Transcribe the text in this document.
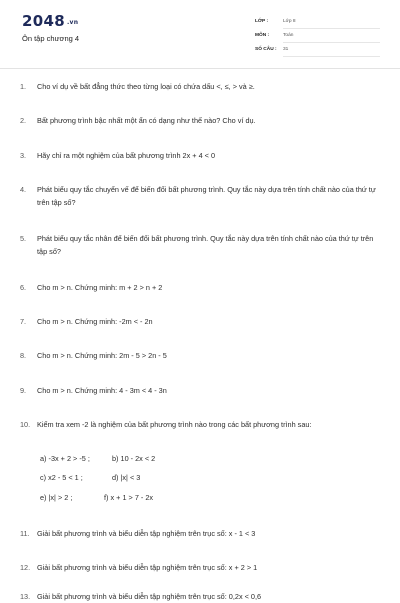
2048 .vn
Ôn tập chương 4
LỚP :	Lớp 8
MÔN :	Toán
SỐ CÂU : 31
1. Cho ví dụ về bất đẳng thức theo từng loại có chứa dấu <, ≤, > và ≥.
2. Bất phương trình bậc nhất một ẩn có dạng như thế nào? Cho ví dụ.
3. Hãy chỉ ra một nghiệm của bất phương trình 2x + 4 < 0
4. Phát biểu quy tắc chuyển vế để biến đổi bất phương trình. Quy tắc này dựa trên tính chất nào của thứ tự trên tập số?
5. Phát biểu quy tắc nhân để biến đổi bất phương trình. Quy tắc này dựa trên tính chất nào của thứ tự trên tập số?
6. Cho m > n. Chứng minh: m + 2 > n + 2
7. Cho m > n. Chứng minh: -2m < - 2n
8. Cho m > n. Chứng minh: 2m - 5 > 2n - 5
9. Cho m > n. Chứng minh: 4 - 3m < 4 - 3n
10. Kiểm tra xem -2 là nghiệm của bất phương trình nào trong các bất phương trình sau:
a) -3x + 2 > -5 ;	b) 10 - 2x < 2
c) x2 - 5 < 1 ;	d) |x| < 3
e) |x| > 2 ;	f) x + 1 > 7 - 2x
11. Giải bất phương trình và biểu diễn tập nghiệm trên trục số: x - 1 < 3
12. Giải bất phương trình và biểu diễn tập nghiệm trên trục số: x + 2 > 1
13. Giải bất phương trình và biểu diễn tập nghiệm trên trục số: 0,2x < 0,6
